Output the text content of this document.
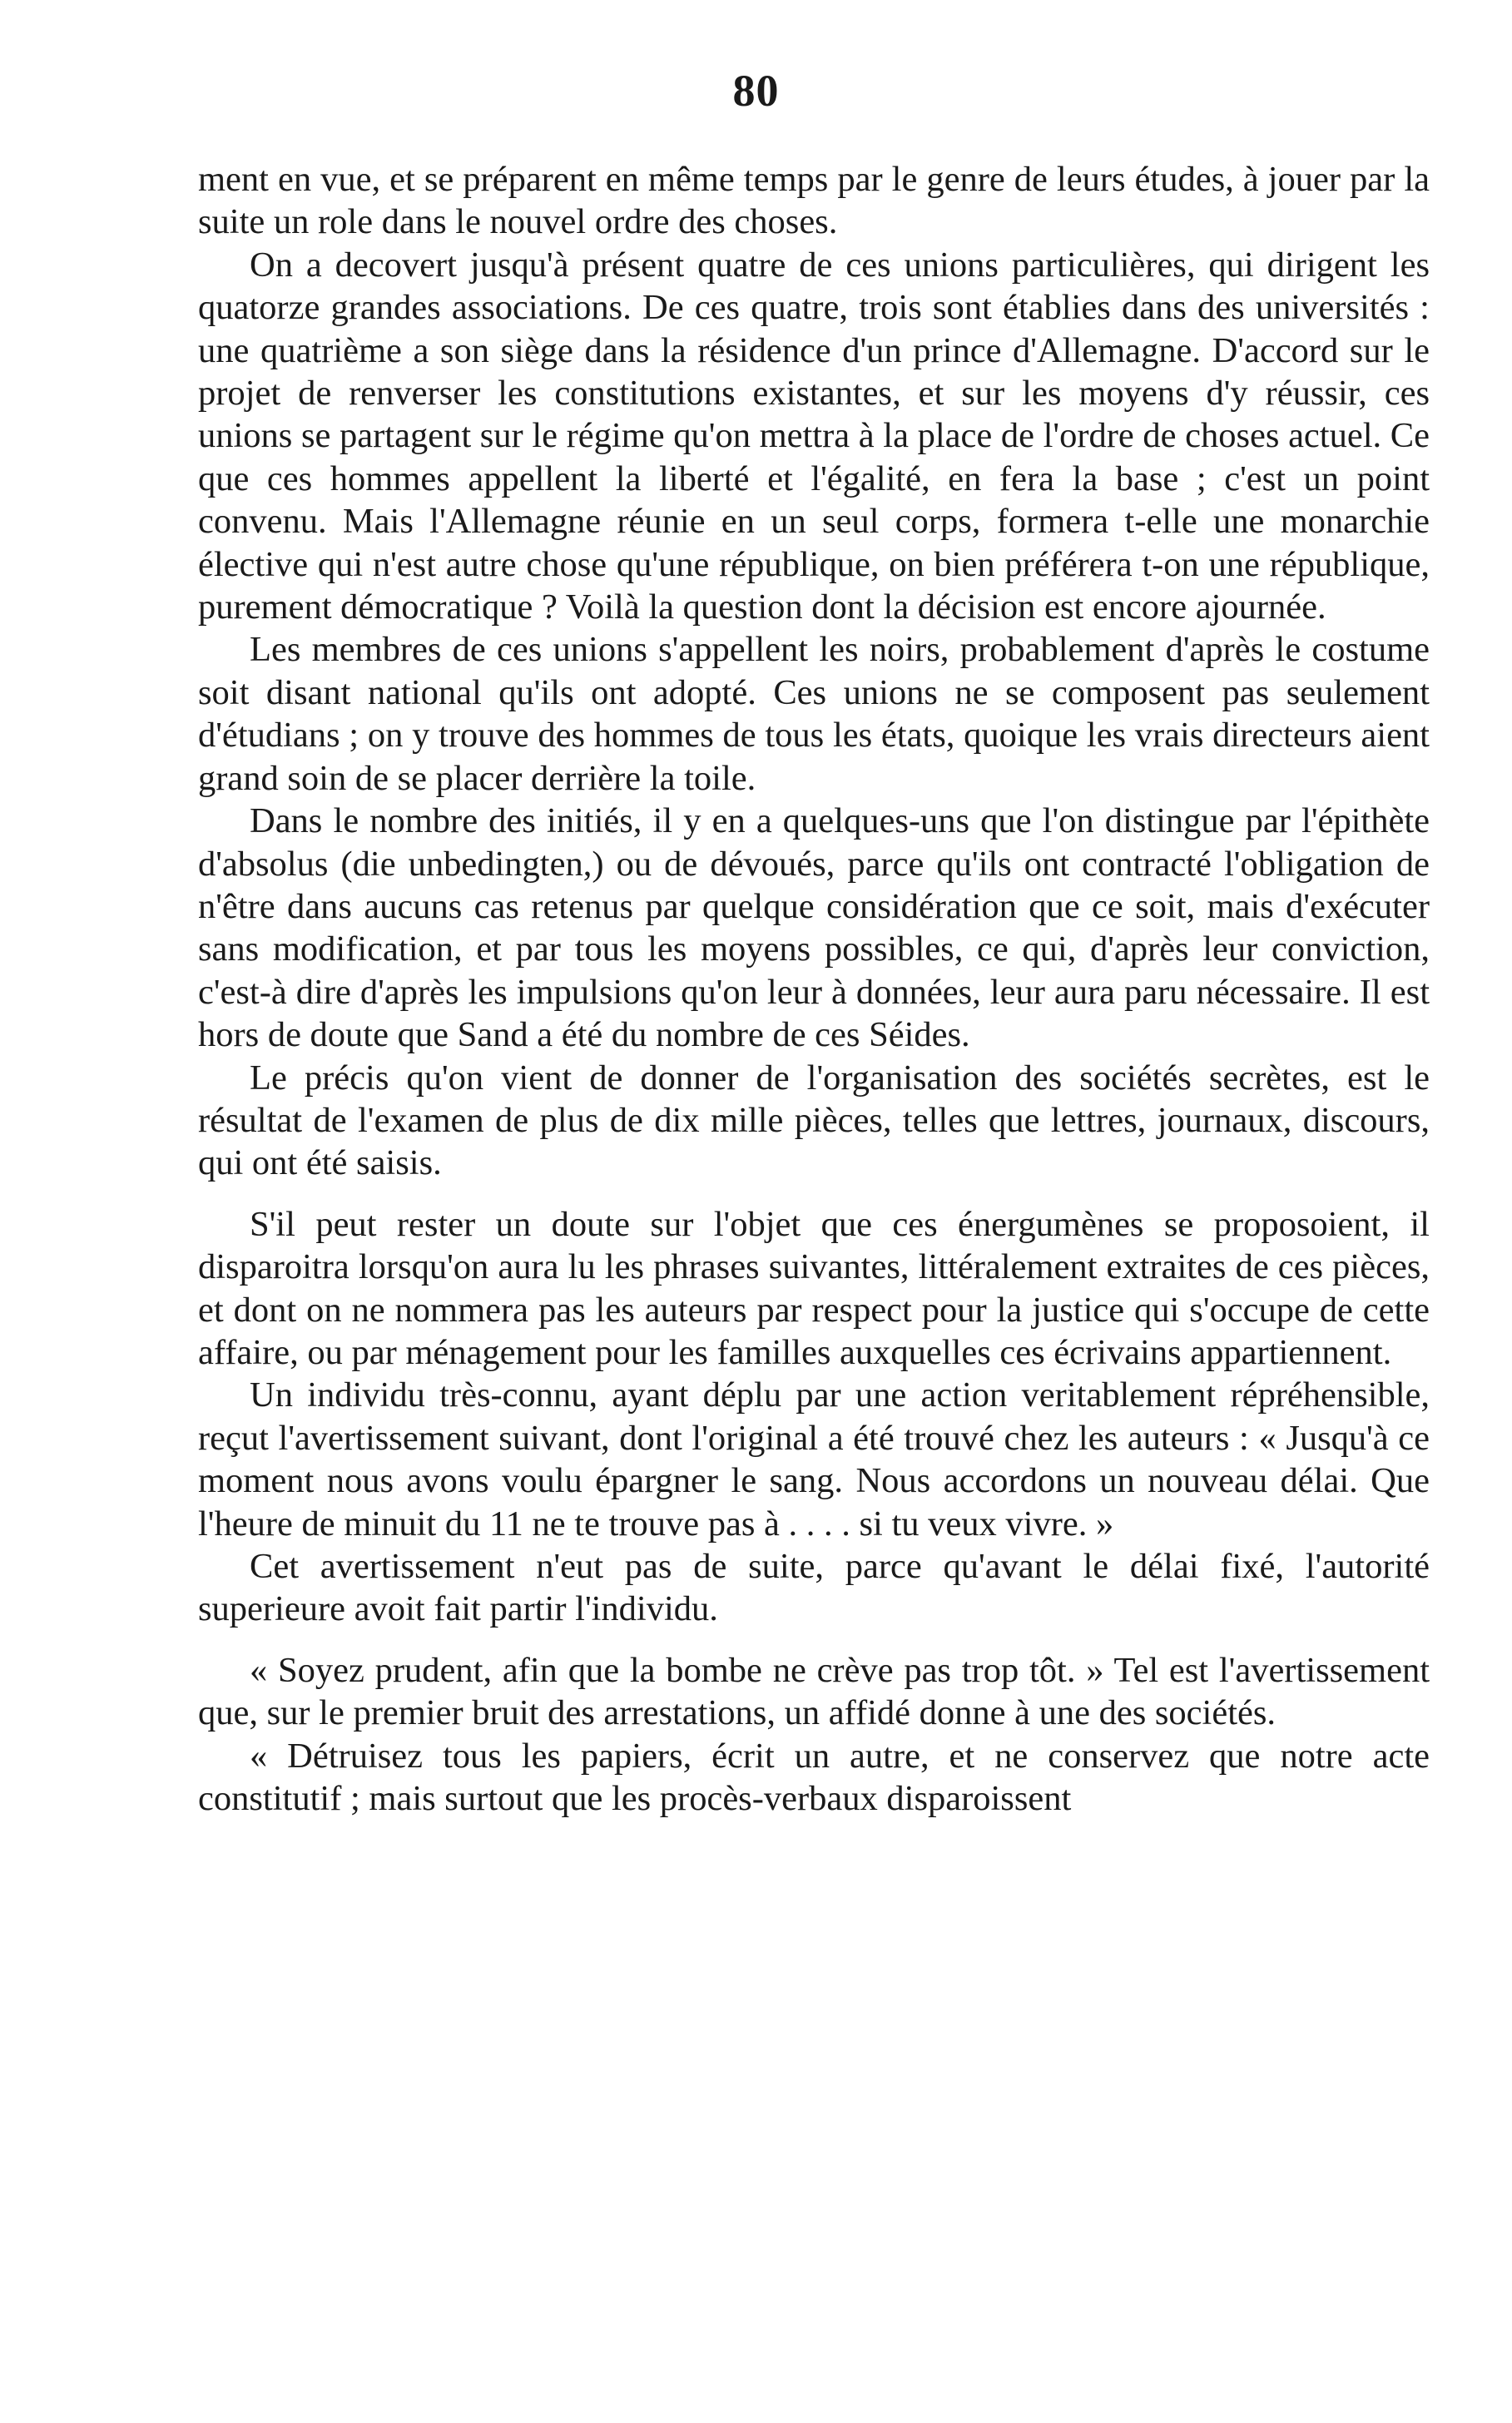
80

ment en vue, et se préparent en même temps par le genre de leurs études, à jouer par la suite un role dans le nouvel ordre des choses.

On a decovert jusqu'à présent quatre de ces unions particulières, qui dirigent les quatorze grandes associations. De ces quatre, trois sont établies dans des universités : une quatrième a son siège dans la résidence d'un prince d'Allemagne. D'accord sur le projet de renverser les constitutions existantes, et sur les moyens d'y réussir, ces unions se partagent sur le régime qu'on mettra à la place de l'ordre de choses actuel. Ce que ces hommes appellent la liberté et l'égalité, en fera la base ; c'est un point convenu. Mais l'Allemagne réunie en un seul corps, formera t-elle une monarchie élective qui n'est autre chose qu'une république, on bien préférera t-on une république, purement démocratique ? Voilà la question dont la décision est encore ajournée.

Les membres de ces unions s'appellent les noirs, probablement d'après le costume soit disant national qu'ils ont adopté. Ces unions ne se composent pas seulement d'étudians ; on y trouve des hommes de tous les états, quoique les vrais directeurs aient grand soin de se placer derrière la toile.

Dans le nombre des initiés, il y en a quelques-uns que l'on distingue par l'épithète d'absolus (die unbedingten,) ou de dévoués, parce qu'ils ont contracté l'obligation de n'être dans aucuns cas retenus par quelque considération que ce soit, mais d'exécuter sans modification, et par tous les moyens possibles, ce qui, d'après leur conviction, c'est-à dire d'après les impulsions qu'on leur à données, leur aura paru nécessaire. Il est hors de doute que Sand a été du nombre de ces Séides.

Le précis qu'on vient de donner de l'organisation des sociétés secrètes, est le résultat de l'examen de plus de dix mille pièces, telles que lettres, journaux, discours, qui ont été saisis.

S'il peut rester un doute sur l'objet que ces énergumènes se proposoient, il disparoitra lorsqu'on aura lu les phrases suivantes, littéralement extraites de ces pièces, et dont on ne nommera pas les auteurs par respect pour la justice qui s'occupe de cette affaire, ou par ménagement pour les familles auxquelles ces écrivains appartiennent.

Un individu très-connu, ayant déplu par une action veritablement répréhensible, reçut l'avertissement suivant, dont l'original a été trouvé chez les auteurs : « Jusqu'à ce moment nous avons voulu épargner le sang. Nous accordons un nouveau délai. Que l'heure de minuit du 11 ne te trouve pas à . . . . si tu veux vivre. »

Cet avertissement n'eut pas de suite, parce qu'avant le délai fixé, l'autorité superieure avoit fait partir l'individu.

« Soyez prudent, afin que la bombe ne crève pas trop tôt. » Tel est l'avertissement que, sur le premier bruit des arrestations, un affidé donne à une des sociétés.

« Détruisez tous les papiers, écrit un autre, et ne conservez que notre acte constitutif ; mais surtout que les procès-verbaux disparoissent
